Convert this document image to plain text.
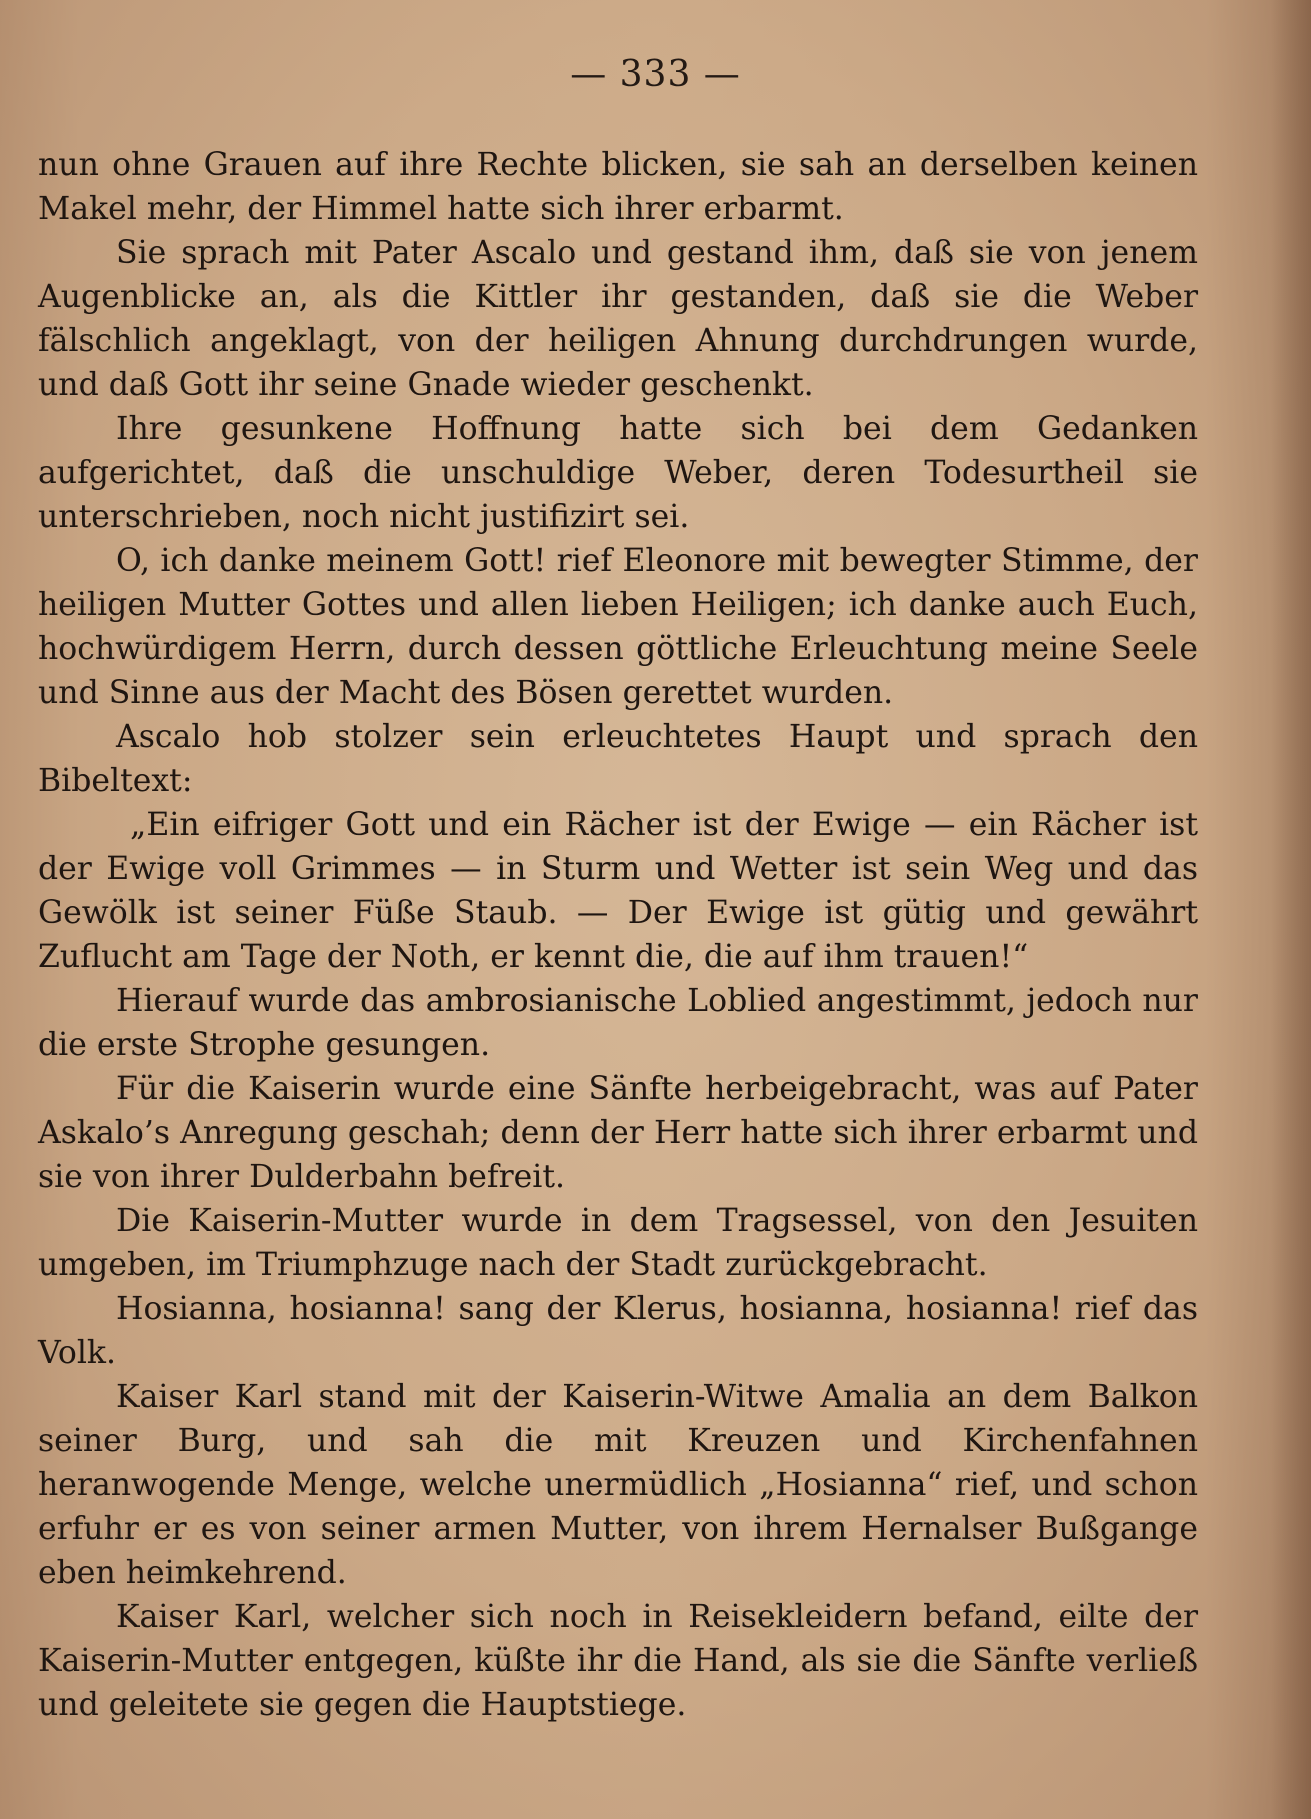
— 333 —

nun ohne Grauen auf ihre Rechte blicken, sie sah an derselben keinen Makel mehr, der Himmel hatte sich ihrer erbarmt.

Sie sprach mit Pater Ascalo und gestand ihm, daß sie von jenem Augenblicke an, als die Kittler ihr gestanden, daß sie die Weber fälschlich angeklagt, von der heiligen Ahnung durchdrungen wurde, und daß Gott ihr seine Gnade wieder geschenkt.

Ihre gesunkene Hoffnung hatte sich bei dem Gedanken aufgerichtet, daß die unschuldige Weber, deren Todesurtheil sie unterschrieben, noch nicht justifizirt sei.

O, ich danke meinem Gott! rief Eleonore mit bewegter Stimme, der heiligen Mutter Gottes und allen lieben Heiligen; ich danke auch Euch, hochwürdigem Herrn, durch dessen göttliche Erleuchtung meine Seele und Sinne aus der Macht des Bösen gerettet wurden.

Ascalo hob stolzer sein erleuchtetes Haupt und sprach den Bibeltext:

„Ein eifriger Gott und ein Rächer ist der Ewige — ein Rächer ist der Ewige voll Grimmes — in Sturm und Wetter ist sein Weg und das Gewölk ist seiner Füße Staub. — Der Ewige ist gütig und gewährt Zuflucht am Tage der Noth, er kennt die, die auf ihm trauen!“

Hierauf wurde das ambrosianische Loblied angestimmt, jedoch nur die erste Strophe gesungen.

Für die Kaiserin wurde eine Sänfte herbeigebracht, was auf Pater Askalo’s Anregung geschah; denn der Herr hatte sich ihrer erbarmt und sie von ihrer Dulderbahn befreit.

Die Kaiserin-Mutter wurde in dem Tragsessel, von den Jesuiten umgeben, im Triumphzuge nach der Stadt zurückgebracht.

Hosianna, hosianna! sang der Klerus, hosianna, hosianna! rief das Volk.

Kaiser Karl stand mit der Kaiserin-Witwe Amalia an dem Balkon seiner Burg, und sah die mit Kreuzen und Kirchenfahnen heranwogende Menge, welche unermüdlich „Hosianna“ rief, und schon erfuhr er es von seiner armen Mutter, von ihrem Hernalser Bußgange eben heimkehrend.

Kaiser Karl, welcher sich noch in Reisekleidern befand, eilte der Kaiserin-Mutter entgegen, küßte ihr die Hand, als sie die Sänfte verließ und geleitete sie gegen die Hauptstiege.
